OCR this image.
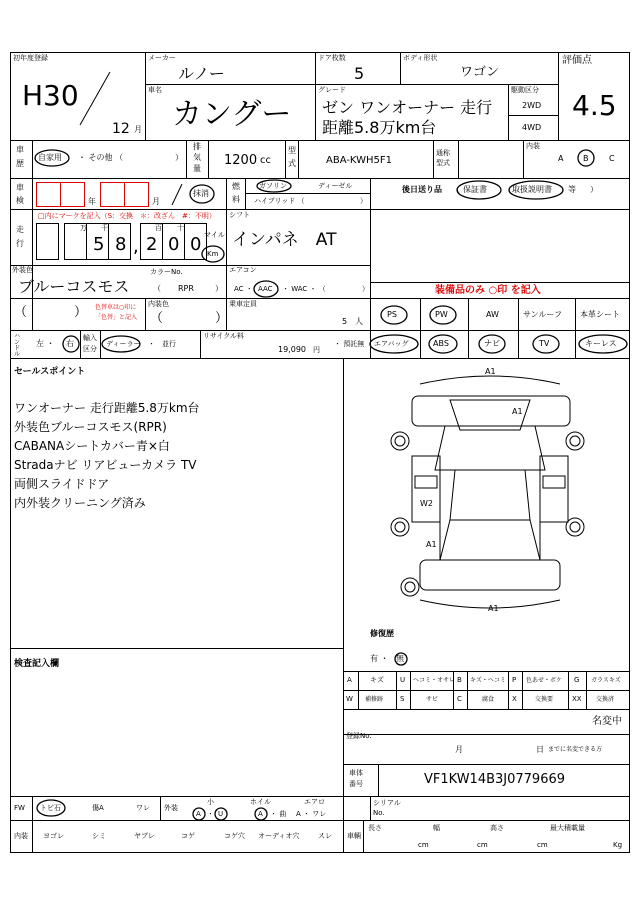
初年度登録
H30
12 月
メーカー
ルノー
ドア枚数
5
ボディ形状
ワゴン
評価点
4.5
車名
カングー
グレード
ゼン ワンオーナー 走行
距離5.8万km台
駆動区分
2WD
4WD
車
歴
自家用 ・ その他 （	）
排
気
量
1200 cc
型
式	ABA-KWH5F1
通称
型式
内装
A B	C
車
検	年	月
抹消
燃
料
ガソリン	ディーゼル
ハイブリッド （	）
後日送り品 （ 保証書	取扱説明書 等 ）
走
行
□内にマークを記入（S：交換　＊：改ざん　#：不明）
万 千	百 十
5 8 , 2 0 0 マイル
Km
シフト
インパネ　AT
外装色
ブルーコスモス
カラーNo.
（ RPR	）
エアコン
AC ・ AAC ・ WAC ・ （	）	装備品のみ ○印 を記入
内装色
（	） 色替車は○印に
「色替」と記入 （	）
乗車定員
5 人
PS	PW	AW	サンルーフ 本革シート
ハンドル
左 ・ 右
輸入
区分
ディーラー ・　並行
リサイクル料
19,090 円
・ 預託無 エアバッグ	ABS	ナビ	TV	キーレス
セールスポイント
ワンオーナー 走行距離5.8万km台
外装色ブルーコスモス(RPR)
CABANAシートカバー青×白
Stradaナビ リアビューカメラ TV
両側スライドドア
内外装クリーニング済み
A1
A1
W2
A1
A1
修復歴
有 ・ 無
A	キズ U ヘコミ・オサレ B キズ・ヘコミ P 色あせ・ボケ G ガラスキズ
W 補修跡 S	サビ	C	腐食	X	交換要	XX 交換済
検査記入欄
名変中
登録No.
月	日 までに名変できる方
車体
番号	VF1KW14B3J0779669
FW トビ石	傷A	ワレ 外装
小
A ・ U
ホイル
A ・ 曲
エアロ
A ・ ワレ
シリアル
No.
内装 ヨゴレ	シミ	ヤブレ	コゲ	コゲ穴 オーディオ穴	スレ 車輌
長さ	幅	高さ	最大積載量
cm	cm	cm	Kg
